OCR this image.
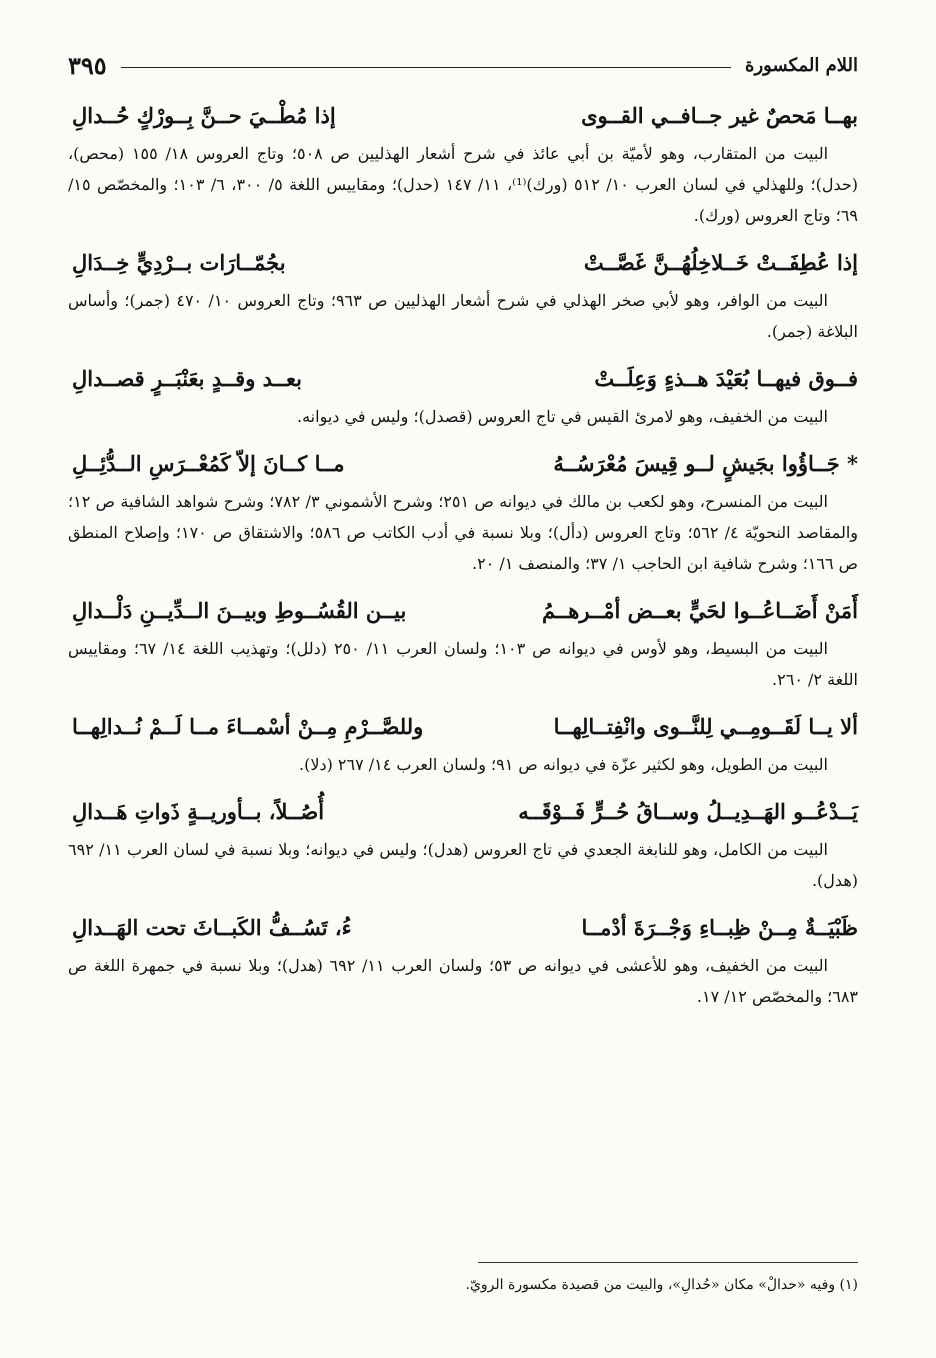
اللام المكسورة
٣٩٥
بهــا مَحصٌ غير جــافــي القــوى
إذا مُطْــيَ حــنَّ بِــورْكٍ حُــدالِ

البيت من المتقارب، وهو لأميّة بن أبي عائذ في شرح أشعار الهذليين ص ٥٠٨؛ وتاج العروس ١٨/ ١٥٥ (محص)، (حدل)؛ وللهذلي في لسان العرب ١٠/ ٥١٢ (ورك)⁽¹⁾، ١١/ ١٤٧ (حدل)؛ ومقاييس اللغة ٥/ ٣٠٠، ٦/ ١٠٣؛ والمخصّص ١٥/ ٦٩؛ وتاج العروس (ورك).

إذا عُطِفَــتْ خَــلاخِلُهُــنَّ غَصَّــتْ
بجُمّــارَات بــرْدِيٍّ خِــدَالِ

البيت من الوافر، وهو لأبي صخر الهذلي في شرح أشعار الهذليين ص ٩٦٣؛ وتاج العروس ١٠/ ٤٧٠ (جمر)؛ وأساس البلاغة (جمر).

فــوق فيهــا بُعَيْدَ هــذءٍ وَعِلَــتْ
بعــد وقــدٍ بعَنْبَــرٍ قصــدالِ

البيت من الخفيف، وهو لامرئ القيس في تاج العروس (قصدل)؛ وليس في ديوانه.

* جَــاؤُوا بجَيشٍ لــو قِيسَ مُعْرَسُــهُ
مــا كــانَ إلاّ كَمُعْــرَسِ الــدُّئِــلِ

البيت من المنسرح، وهو لكعب بن مالك في ديوانه ص ٢٥١؛ وشرح الأشموني ٣/ ٧٨٢؛ وشرح شواهد الشافية ص ١٢؛ والمقاصد النحويّة ٤/ ٥٦٢؛ وتاج العروس (دأل)؛ وبلا نسبة في أدب الكاتب ص ٥٨٦؛ والاشتقاق ص ١٧٠؛ وإصلاح المنطق ص ١٦٦؛ وشرح شافية ابن الحاجب ١/ ٣٧؛ والمنصف ١/ ٢٠.

أَمَنْ أَضَــاعُــوا لحَيٍّ بعــض أمْــرهــمُ
بيــن القُسُــوطِ وبيــنَ الــدِّيــنِ دَلْــدالِ

البيت من البسيط، وهو لأوس في ديوانه ص ١٠٣؛ ولسان العرب ١١/ ٢٥٠ (دلل)؛ وتهذيب اللغة ١٤/ ٦٧؛ ومقاييس اللغة ٢/ ٢٦٠.

ألا يــا لَقَــومِــي لِلنَّــوى وانْفِتــالِهــا
وللصَّــرْمِ مِــنْ أسْمــاءَ مــا لَــمْ نُــدالِهــا

البيت من الطويل، وهو لكثير عزّة في ديوانه ص ٩١؛ ولسان العرب ١٤/ ٢٦٧ (دلا).

يَــدْعُــو الهَــدِيــلُ وســاقُ حُــرٍّ فَــوْقَــه
أُصُــلاً، بــأوريــةٍ ذَواتِ هَــدالِ

البيت من الكامل، وهو للنابغة الجعدي في تاج العروس (هدل)؛ وليس في ديوانه؛ وبلا نسبة في لسان العرب ١١/ ٦٩٢ (هدل).

ظَبْيَــةٌ مِــنْ ظِبــاءِ وَجْــرَةَ أدْمــا
ءُ، تَسُــفُّ الكَبــاثَ تحت الهَــدالِ

البيت من الخفيف، وهو للأعشى في ديوانه ص ٥٣؛ ولسان العرب ١١/ ٦٩٢ (هدل)؛ وبلا نسبة في جمهرة اللغة ص ٦٨٣؛ والمخصّص ١٢/ ١٧.

(١) وفيه «حدالْ» مكان «حُدالِ»، والبيت من قصيدة مكسورة الرويّ.
